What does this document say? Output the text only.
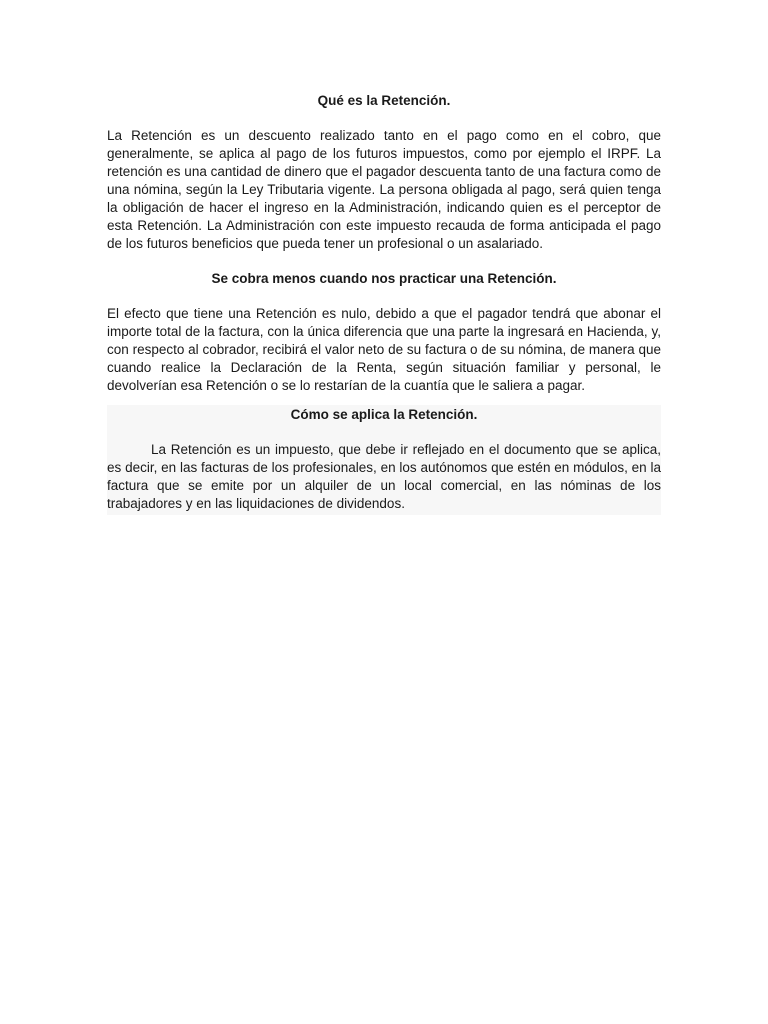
Qué es la Retención.

La Retención es un descuento realizado tanto en el pago como en el cobro, que generalmente, se aplica al pago de los futuros impuestos, como por ejemplo el IRPF. La retención es una cantidad de dinero que el pagador descuenta tanto de una factura como de una nómina, según la Ley Tributaria vigente. La persona obligada al pago, será quien tenga la obligación de hacer el ingreso en la Administración, indicando quien es el perceptor de esta Retención. La Administración con este impuesto recauda de forma anticipada el pago de los futuros beneficios que pueda tener un profesional o un asalariado.

Se cobra menos cuando nos practicar una Retención.

El efecto que tiene una Retención es nulo, debido a que el pagador tendrá que abonar el importe total de la factura, con la única diferencia que una parte la ingresará en Hacienda, y, con respecto al cobrador, recibirá el valor neto de su factura o de su nómina, de manera que cuando realice la Declaración de la Renta, según situación familiar y personal, le devolverían esa Retención o se lo restarían de la cuantía que le saliera a pagar.

Cómo se aplica la Retención.

La Retención es un impuesto, que debe ir reflejado en el documento que se aplica, es decir, en las facturas de los profesionales, en los autónomos que estén en módulos, en la factura que se emite por un alquiler de un local comercial, en las nóminas de los trabajadores y en las liquidaciones de dividendos.
